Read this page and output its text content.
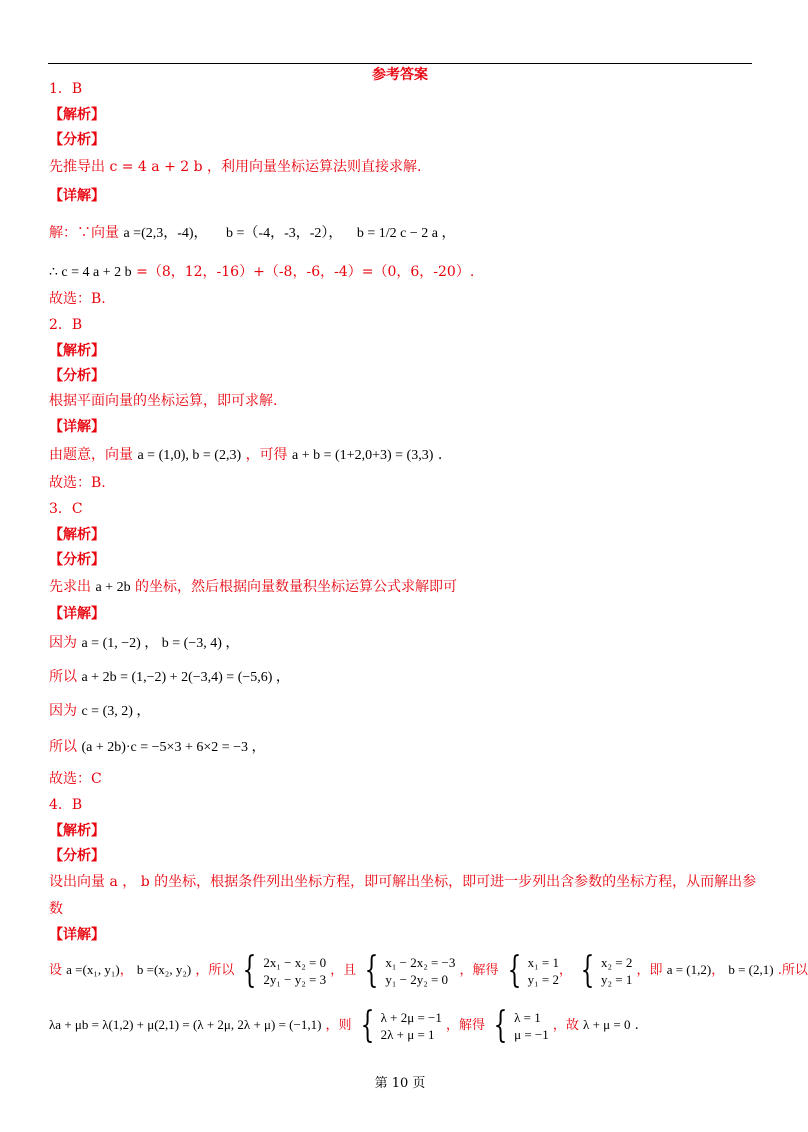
参考答案
1．B
【解析】
【分析】
先推导出 c = 4 a + 2 b ，利用向量坐标运算法则直接求解.
【详解】
解：∵向量 a =(2,3，-4)， b =（-4，-3，-2）， b = 1/2 c − 2 a ，
∴ c = 4 a + 2 b =（8，12，-16）+（-8，-6，-4）=（0，6，-20）.
故选：B.
2．B
【解析】
【分析】
根据平面向量的坐标运算，即可求解.
【详解】
由题意，向量 a = (1,0), b = (2,3) ，可得 a + b = (1+2,0+3) = (3,3) .
故选：B.
3．C
【解析】
【分析】
先求出 a + 2b 的坐标，然后根据向量数量积坐标运算公式求解即可
【详解】
因为 a = (1, −2) ， b = (−3, 4) ，
所以 a + 2b = (1,−2) + 2(−3,4) = (−5,6) ，
因为 c = (3, 2) ，
所以 (a + 2b)·c = −5×3 + 6×2 = −3 ，
故选：C
4．B
【解析】
【分析】
设出向量 a ， b 的坐标，根据条件列出坐标方程，即可解出坐标，即可进一步列出含参数的坐标方程，从而解出参
数
【详解】
设 a =(x₁, y₁)， b =(x₂, y₂) ，所以 { 2x₁ − x₂ = 0
2y₁ − y₂ = 3
，且 { x₁ − 2x₂ = −3
y₁ − 2y₂ = 0
，解得 { x₁ = 1
y₁ = 2
， { x₂ = 2
y₂ = 1
，即 a = (1,2)， b = (2,1) .所以
λa + μb = λ(1,2) + μ(2,1) = (λ + 2μ, 2λ + μ) = (−1,1) ，则 { λ + 2μ = −1
2λ + μ = 1
，解得 { λ = 1
μ = −1
，故 λ + μ = 0 .
第 10 页
